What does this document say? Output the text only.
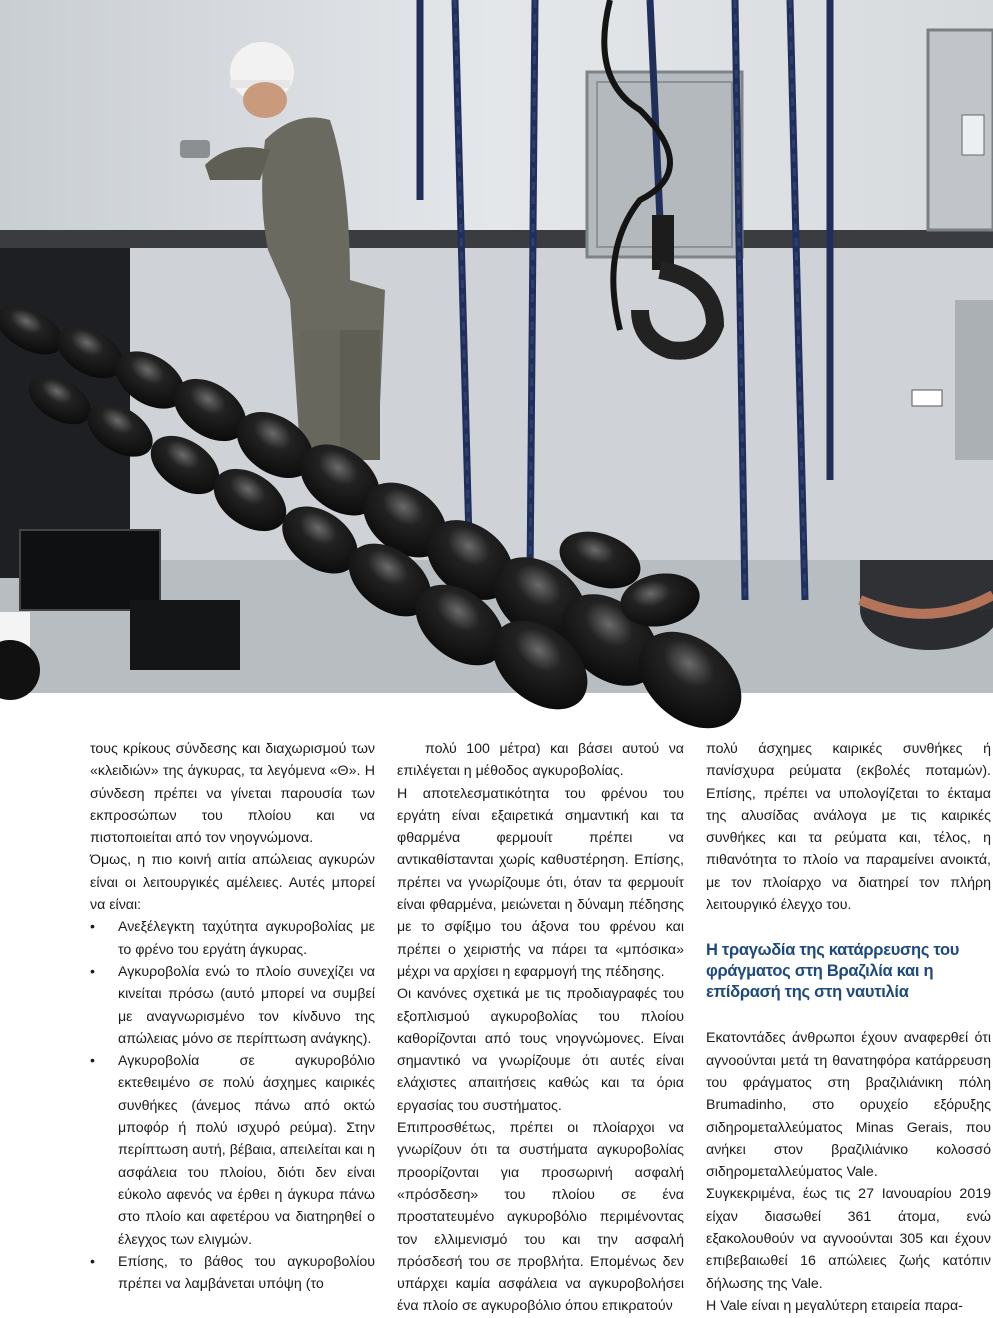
τους κρίκους σύνδεσης και διαχωρισμού των «κλειδιών» της άγκυρας, τα λεγόμενα «Θ». Η σύνδεση πρέπει να γίνεται παρουσία των εκπροσώπων του πλοίου και να πιστοποιείται από τον νηογνώμονα.

Όμως, η πιο κοινή αιτία απώλειας αγκυρών είναι οι λειτουργικές αμέλειες. Αυτές μπορεί να είναι:

• Ανεξέλεγκτη ταχύτητα αγκυροβολίας με το φρένο του εργάτη άγκυρας.
• Αγκυροβολία ενώ το πλοίο συνεχίζει να κινείται πρόσω (αυτό μπορεί να συμβεί με αναγνωρισμένο τον κίνδυνο της απώλειας μόνο σε περίπτωση ανάγκης).
• Αγκυροβολία σε αγκυροβόλιο εκτεθειμένο σε πολύ άσχημες καιρικές συνθήκες (άνεμος πάνω από οκτώ μποφόρ ή πολύ ισχυρό ρεύμα). Στην περίπτωση αυτή, βέβαια, απειλείται και η ασφάλεια του πλοίου, διότι δεν είναι εύκολο αφενός να έρθει η άγκυρα πάνω στο πλοίο και αφετέρου να διατηρηθεί ο έλεγχος των ελιγμών.
• Επίσης, το βάθος του αγκυροβολίου πρέπει να λαμβάνεται υπόψη (το

πολύ 100 μέτρα) και βάσει αυτού να επιλέγεται η μέθοδος αγκυροβολίας.

Η αποτελεσματικότητα του φρένου του εργάτη είναι εξαιρετικά σημαντική και τα φθαρμένα φερμουίτ πρέπει να αντικαθίστανται χωρίς καθυστέρηση. Επίσης, πρέπει να γνωρίζουμε ότι, όταν τα φερμουίτ είναι φθαρμένα, μειώνεται η δύναμη πέδησης με το σφίξιμο του άξονα του φρένου και πρέπει ο χειριστής να πάρει τα «μπόσικα» μέχρι να αρχίσει η εφαρμογή της πέδησης.

Οι κανόνες σχετικά με τις προδιαγραφές του εξοπλισμού αγκυροβολίας του πλοίου καθορίζονται από τους νηογνώμονες. Είναι σημαντικό να γνωρίζουμε ότι αυτές είναι ελάχιστες απαιτήσεις καθώς και τα όρια εργασίας του συστήματος.

Επιπροσθέτως, πρέπει οι πλοίαρχοι να γνωρίζουν ότι τα συστήματα αγκυροβολίας προορίζονται για προσωρινή ασφαλή «πρόσδεση» του πλοίου σε ένα προστατευμένο αγκυροβόλιο περιμένοντας τον ελλιμενισμό του και την ασφαλή πρόσδεσή του σε προβλήτα. Επομένως δεν υπάρχει καμία ασφάλεια να αγκυροβολήσει ένα πλοίο σε αγκυροβόλιο όπου επικρατούν

πολύ άσχημες καιρικές συνθήκες ή πανίσχυρα ρεύματα (εκβολές ποταμών). Επίσης, πρέπει να υπολογίζεται το έκταμα της αλυσίδας ανάλογα με τις καιρικές συνθήκες και τα ρεύματα και, τέλος, η πιθανότητα το πλοίο να παραμείνει ανοικτά, με τον πλοίαρχο να διατηρεί τον πλήρη λειτουργικό έλεγχο του.

Η τραγωδία της κατάρρευσης του φράγματος στη Βραζιλία και η επίδρασή της στη ναυτιλία

Εκατοντάδες άνθρωποι έχουν αναφερθεί ότι αγνοούνται μετά τη θανατηφόρα κατάρρευση του φράγματος στη βραζιλιάνικη πόλη Brumadinho, στο ορυχείο εξόρυξης σιδηρομεταλλεύματος Minas Gerais, που ανήκει στον βραζιλιάνικο κολοσσό σιδηρομεταλλεύματος Vale.

Συγκεκριμένα, έως τις 27 Ιανουαρίου 2019 είχαν διασωθεί 361 άτομα, ενώ εξακολουθούν να αγνοούνται 305 και έχουν επιβεβαιωθεί 16 απώλειες ζωής κατόπιν δήλωσης της Vale.

Η Vale είναι η μεγαλύτερη εταιρεία παρα-
